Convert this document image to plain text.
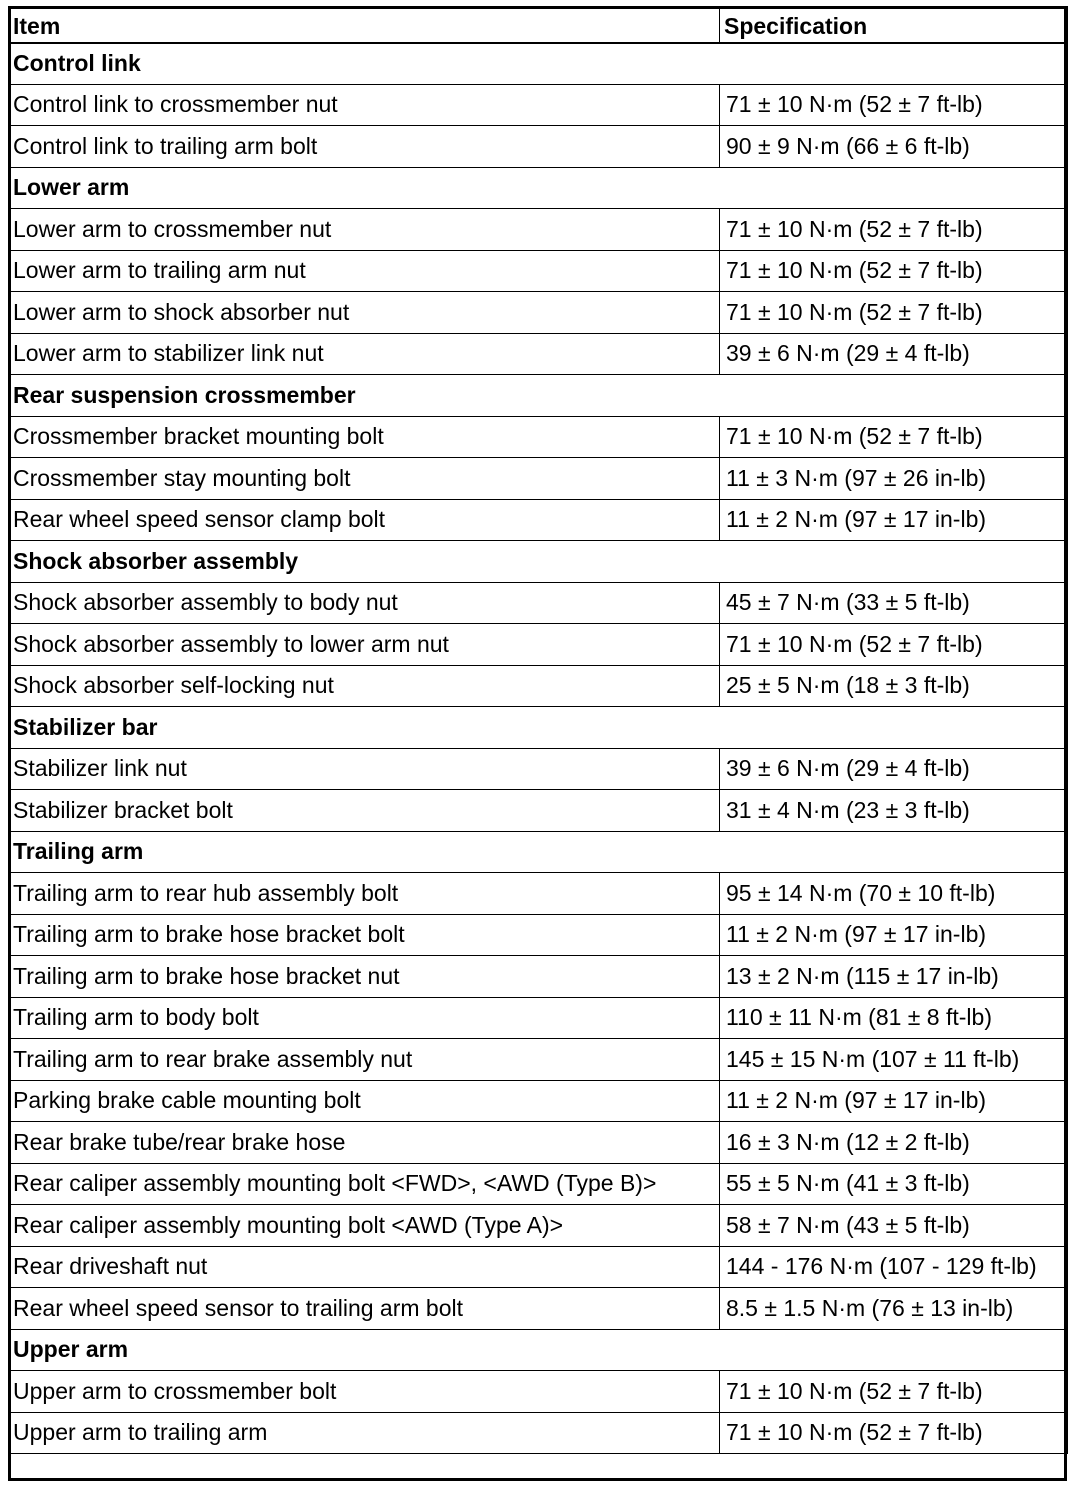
Item	Specification
Control link	
Control link to crossmember nut	71 ± 10 N·m (52 ± 7 ft-lb)
Control link to trailing arm bolt	90 ± 9 N·m (66 ± 6 ft-lb)
Lower arm	
Lower arm to crossmember nut	71 ± 10 N·m (52 ± 7 ft-lb)
Lower arm to trailing arm nut	71 ± 10 N·m (52 ± 7 ft-lb)
Lower arm to shock absorber nut	71 ± 10 N·m (52 ± 7 ft-lb)
Lower arm to stabilizer link nut	39 ± 6 N·m (29 ± 4 ft-lb)
Rear suspension crossmember	
Crossmember bracket mounting bolt	71 ± 10 N·m (52 ± 7 ft-lb)
Crossmember stay mounting bolt	11 ± 3 N·m (97 ± 26 in-lb)
Rear wheel speed sensor clamp bolt	11 ± 2 N·m (97 ± 17 in-lb)
Shock absorber assembly	
Shock absorber assembly to body nut	45 ± 7 N·m (33 ± 5 ft-lb)
Shock absorber assembly to lower arm nut	71 ± 10 N·m (52 ± 7 ft-lb)
Shock absorber self-locking nut	25 ± 5 N·m (18 ± 3 ft-lb)
Stabilizer bar	
Stabilizer link nut	39 ± 6 N·m (29 ± 4 ft-lb)
Stabilizer bracket bolt	31 ± 4 N·m (23 ± 3 ft-lb)
Trailing arm	
Trailing arm to rear hub assembly bolt	95 ± 14 N·m (70 ± 10 ft-lb)
Trailing arm to brake hose bracket bolt	11 ± 2 N·m (97 ± 17 in-lb)
Trailing arm to brake hose bracket nut	13 ± 2 N·m (115 ± 17 in-lb)
Trailing arm to body bolt	110 ± 11 N·m (81 ± 8 ft-lb)
Trailing arm to rear brake assembly nut	145 ± 15 N·m (107 ± 11 ft-lb)
Parking brake cable mounting bolt	11 ± 2 N·m (97 ± 17 in-lb)
Rear brake tube/rear brake hose	16 ± 3 N·m (12 ± 2 ft-lb)
Rear caliper assembly mounting bolt <FWD>, <AWD (Type B)>	55 ± 5 N·m (41 ± 3 ft-lb)
Rear caliper assembly mounting bolt <AWD (Type A)>	58 ± 7 N·m (43 ± 5 ft-lb)
Rear driveshaft nut	144 - 176 N·m (107 - 129 ft-lb)
Rear wheel speed sensor to trailing arm bolt	8.5 ± 1.5 N·m (76 ± 13 in-lb)
Upper arm	
Upper arm to crossmember bolt	71 ± 10 N·m (52 ± 7 ft-lb)
Upper arm to trailing arm	71 ± 10 N·m (52 ± 7 ft-lb)
